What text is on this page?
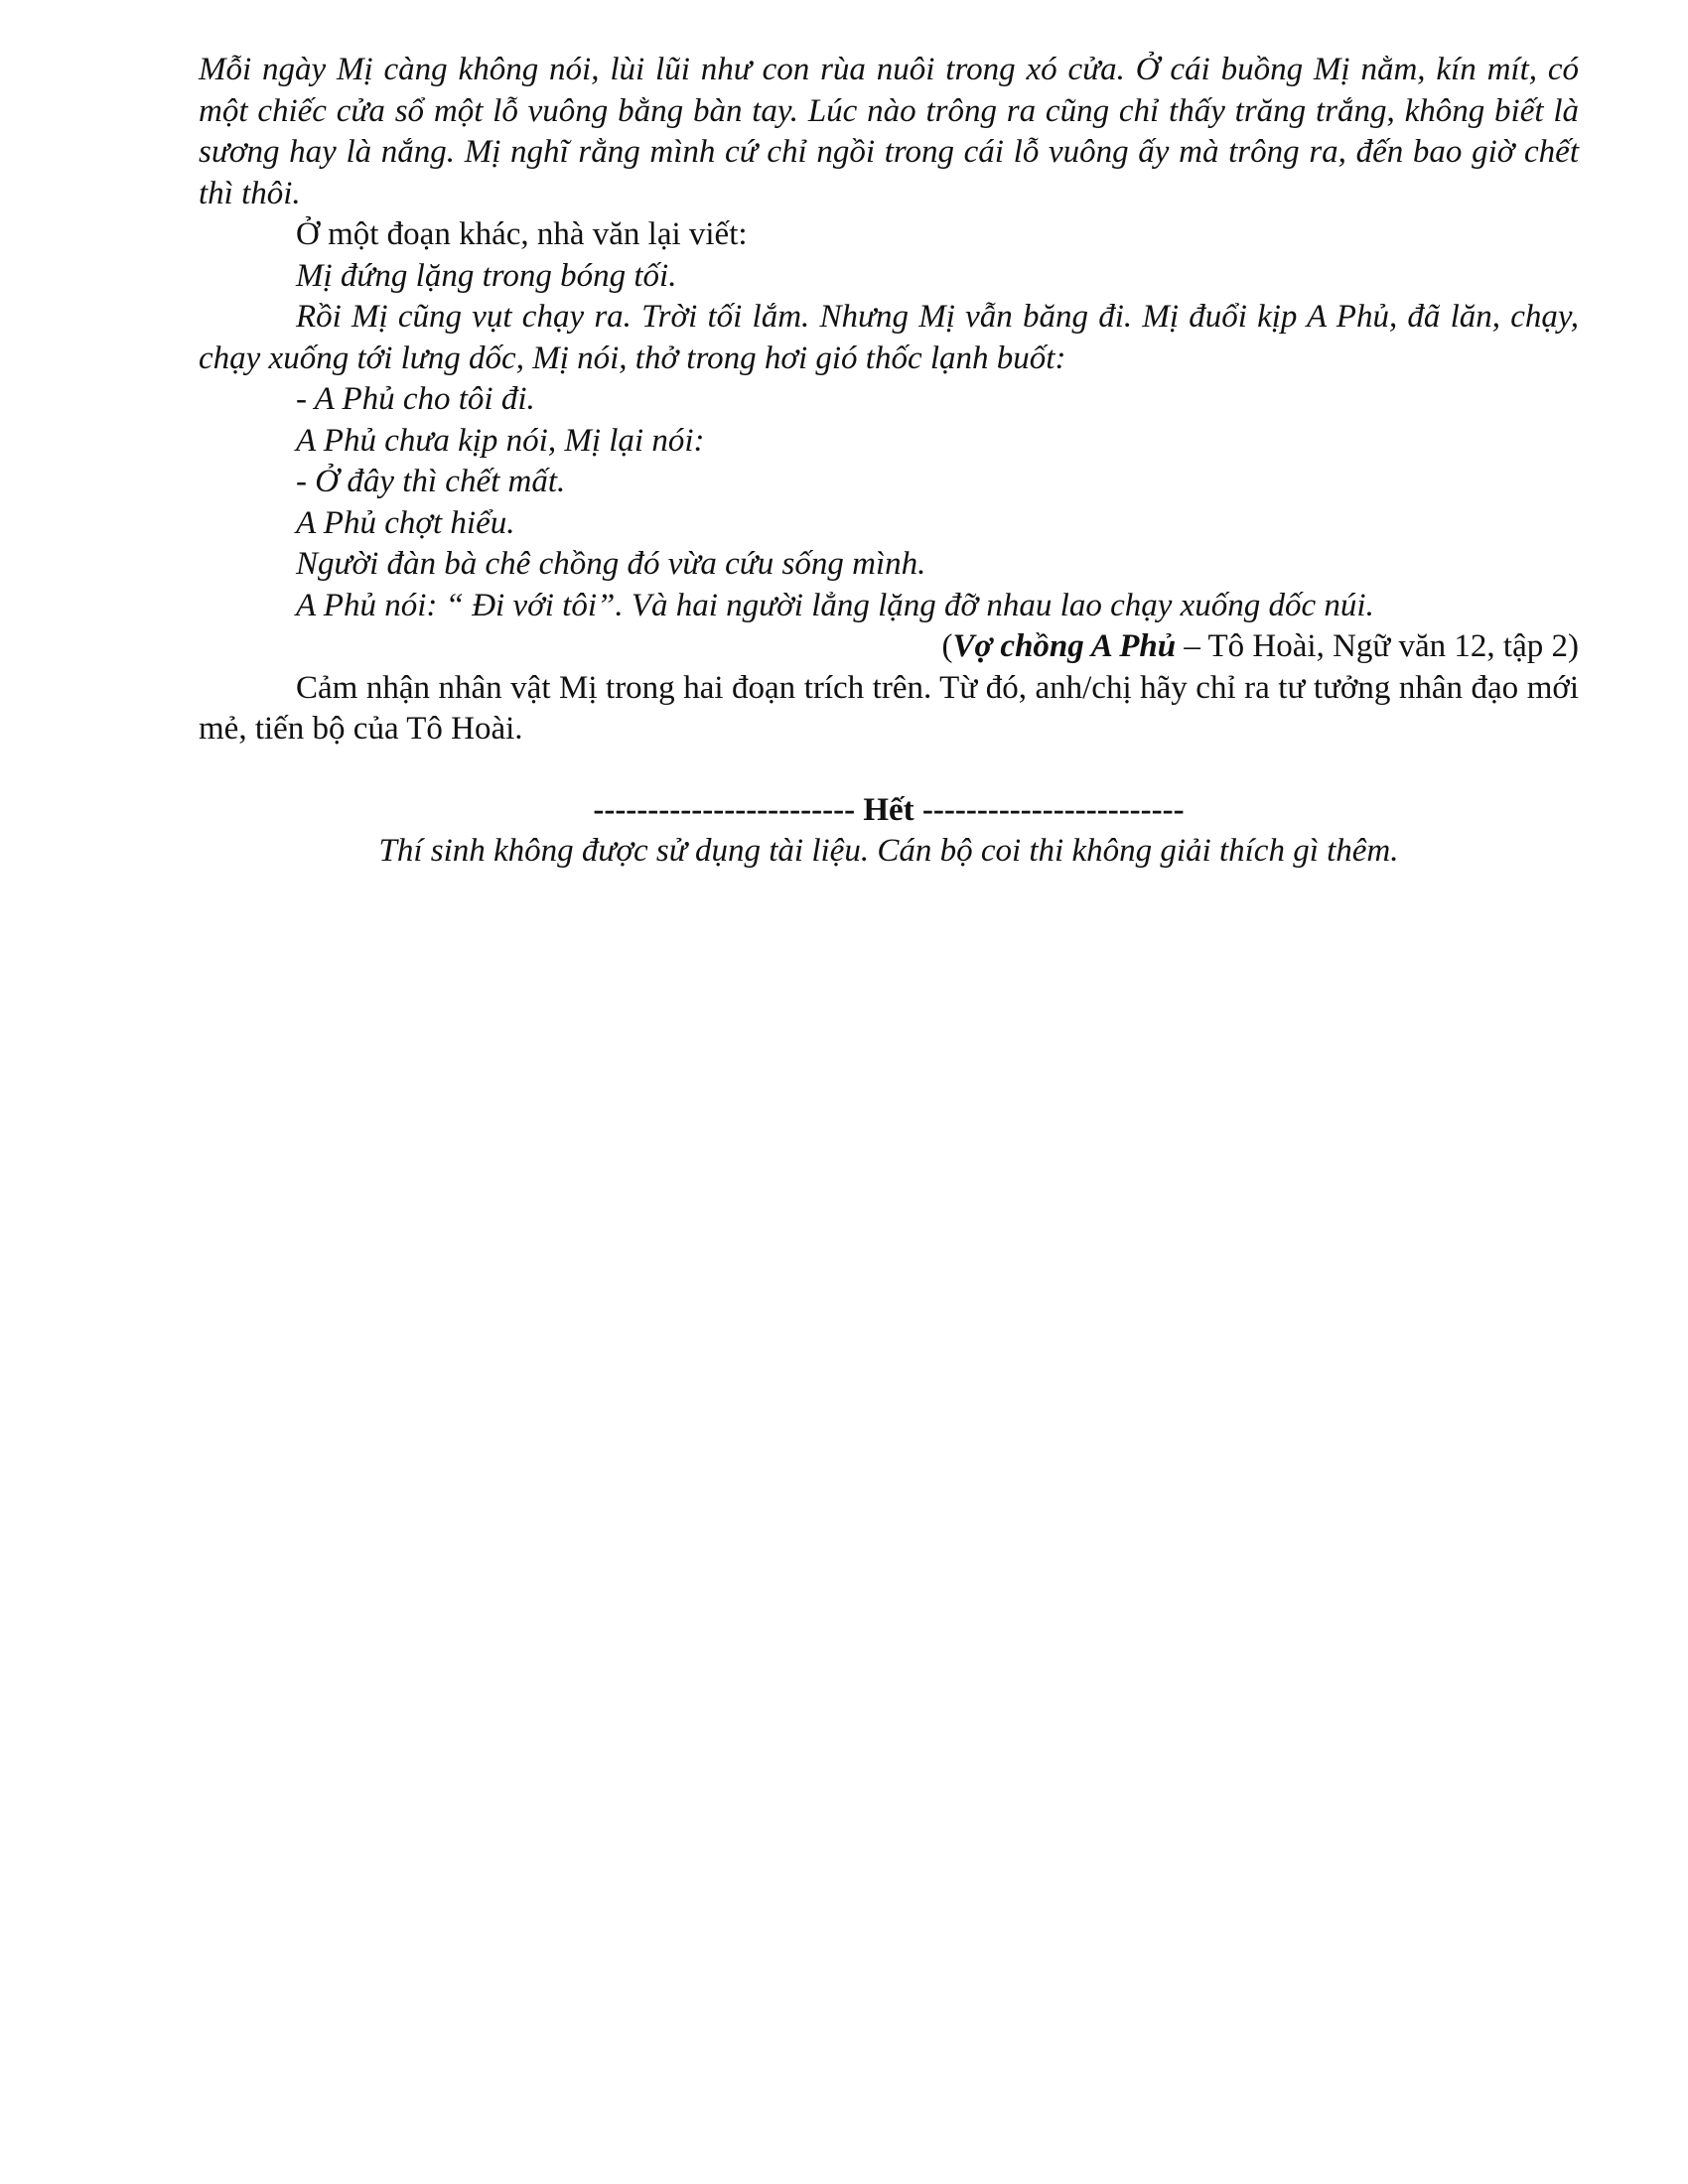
Mỗi ngày Mị càng không nói, lùi lũi như con rùa nuôi trong xó cửa. Ở cái buồng Mị nằm, kín mít, có một chiếc cửa sổ một lỗ vuông bằng bàn tay. Lúc nào trông ra cũng chỉ thấy trăng trắng, không biết là sương hay là nắng. Mị nghĩ rằng mình cứ chỉ ngồi trong cái lỗ vuông ấy mà trông ra, đến bao giờ chết thì thôi.

Ở một đoạn khác, nhà văn lại viết:

Mị đứng lặng trong bóng tối.

Rồi Mị cũng vụt chạy ra. Trời tối lắm. Nhưng Mị vẫn băng đi. Mị đuổi kịp A Phủ, đã lăn, chạy, chạy xuống tới lưng dốc, Mị nói, thở trong hơi gió thốc lạnh buốt:

- A Phủ cho tôi đi.

A Phủ chưa kịp nói, Mị lại nói:

- Ở đây thì chết mất.

A Phủ chợt hiểu.

Người đàn bà chê chồng đó vừa cứu sống mình.

A Phủ nói: “ Đi với tôi”. Và hai người lẳng lặng đỡ nhau lao chạy xuống dốc núi.

(Vợ chồng A Phủ – Tô Hoài, Ngữ văn 12, tập 2)

Cảm nhận nhân vật Mị trong hai đoạn trích trên. Từ đó, anh/chị hãy chỉ ra tư tưởng nhân đạo mới mẻ, tiến bộ của Tô Hoài.

------------------------ Hết ------------------------

Thí sinh không được sử dụng tài liệu. Cán bộ coi thi không giải thích gì thêm.
